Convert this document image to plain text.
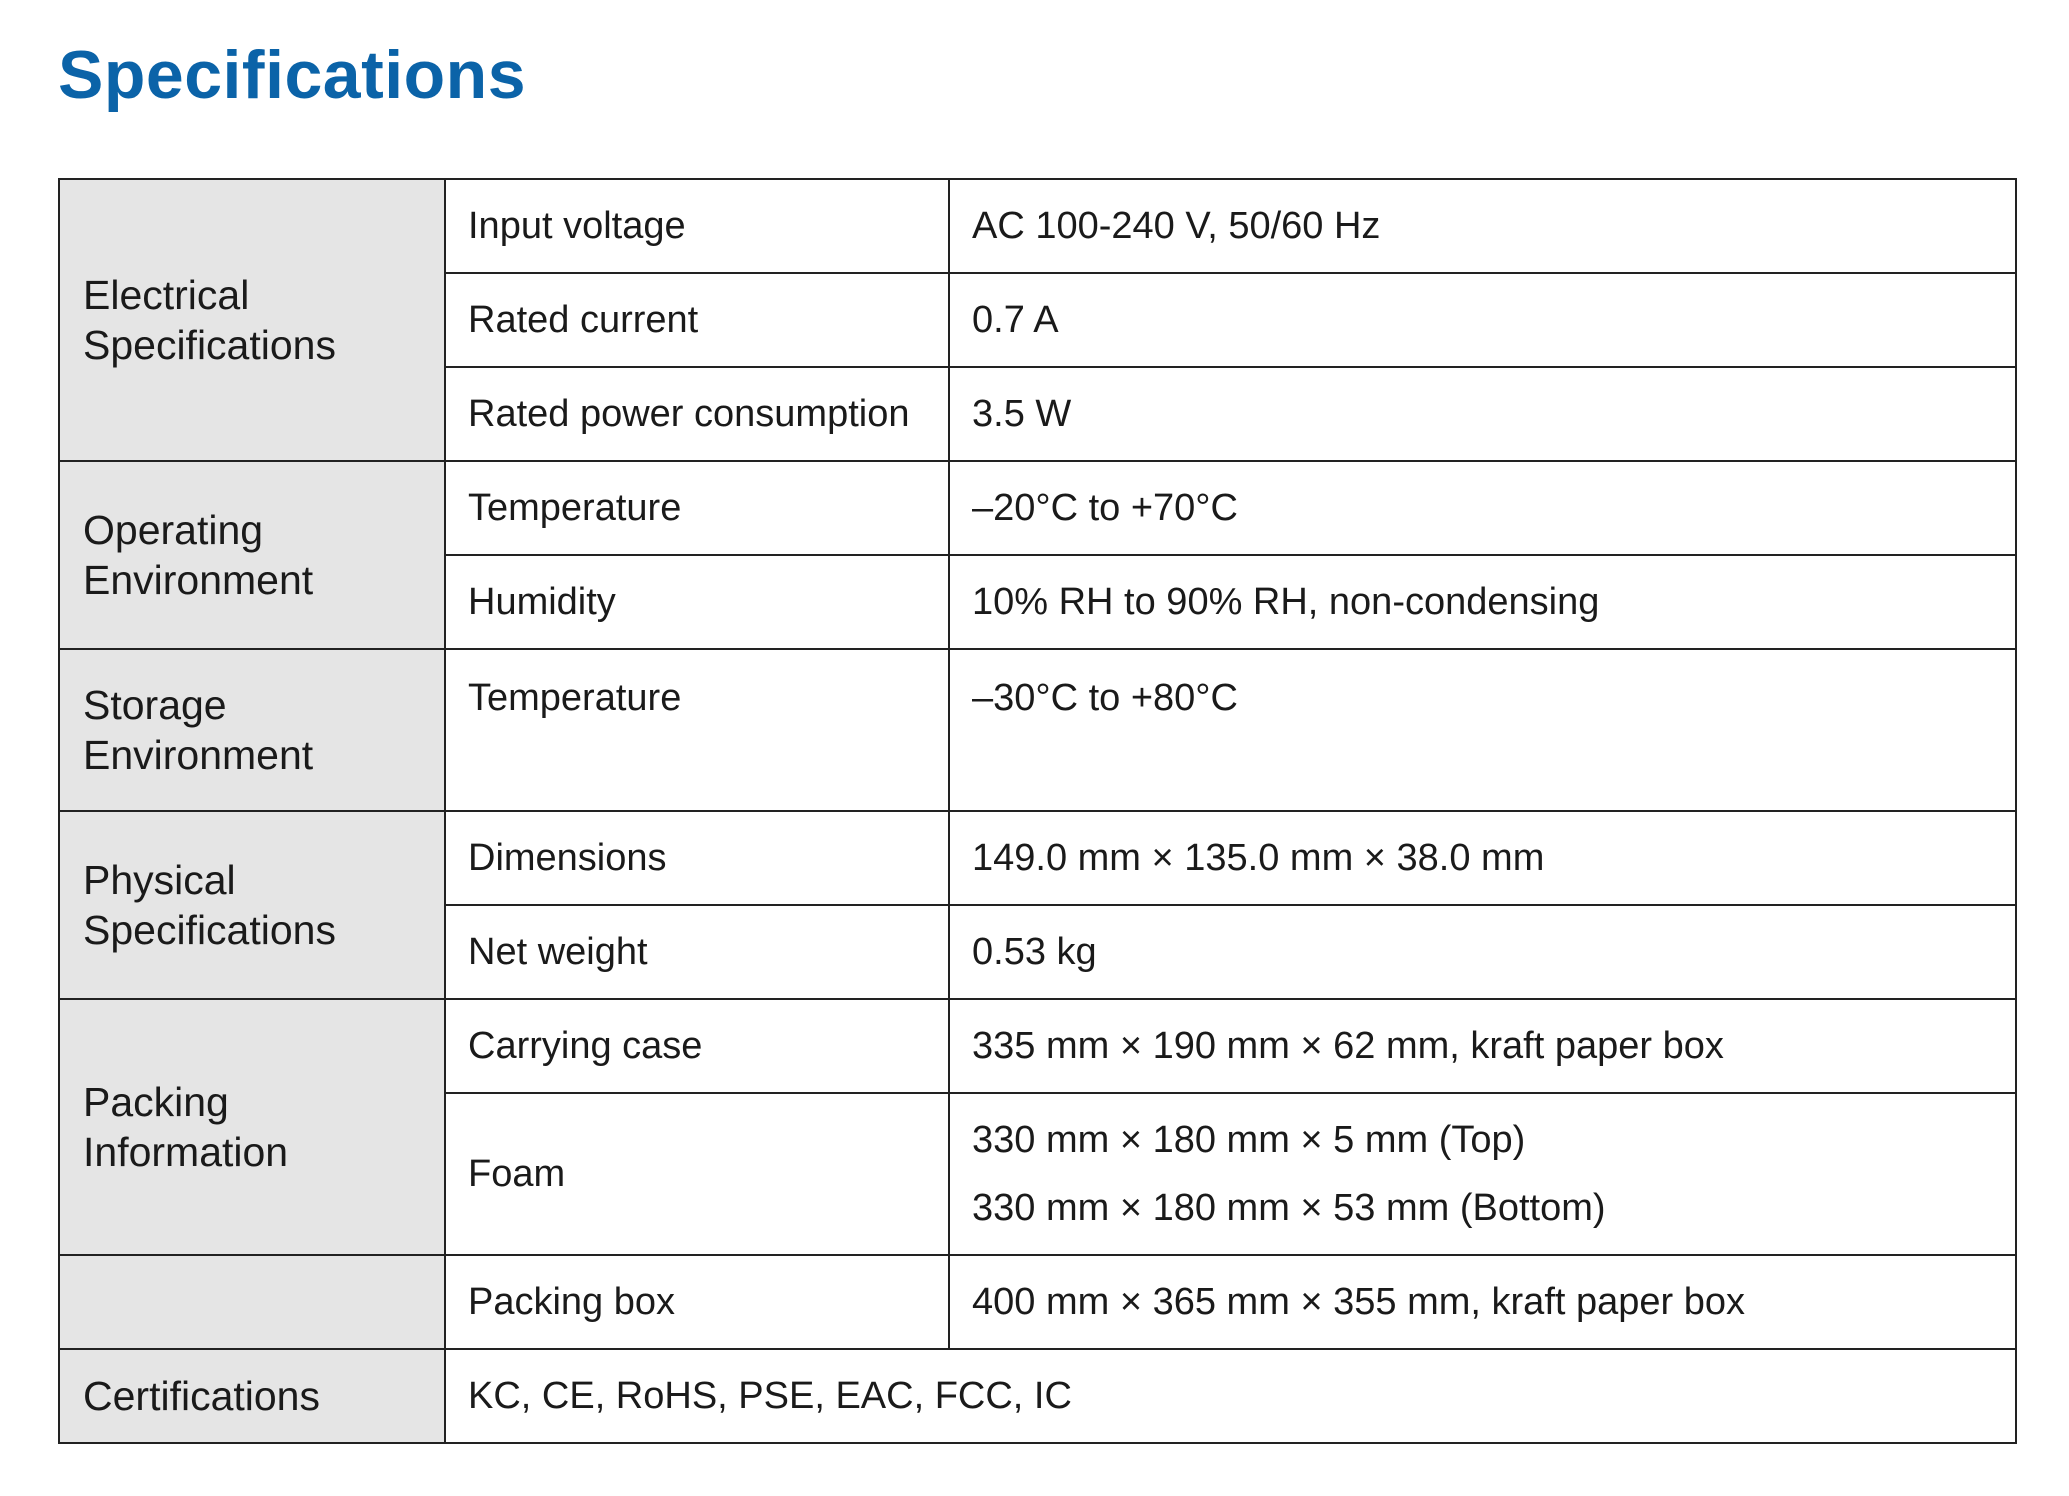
Specifications
Electrical
Specifications	Input voltage	AC 100-240 V, 50/60 Hz
	Rated current	0.7 A
	Rated power consumption	3.5 W

Operating
Environment	Temperature	–20°C to +70°C
	Humidity	10% RH to 90% RH, non-condensing

Storage
Environment	Temperature	–30°C to +80°C

Physical
Specifications	Dimensions	149.0 mm × 135.0 mm × 38.0 mm
	Net weight	0.53 kg

Packing
Information	Carrying case	335 mm × 190 mm × 62 mm, kraft paper box
	Foam	330 mm × 180 mm × 5 mm (Top)
330 mm × 180 mm × 53 mm (Bottom)

	Packing box	400 mm × 365 mm × 355 mm, kraft paper box
Certifications	KC, CE, RoHS, PSE, EAC, FCC, IC	
